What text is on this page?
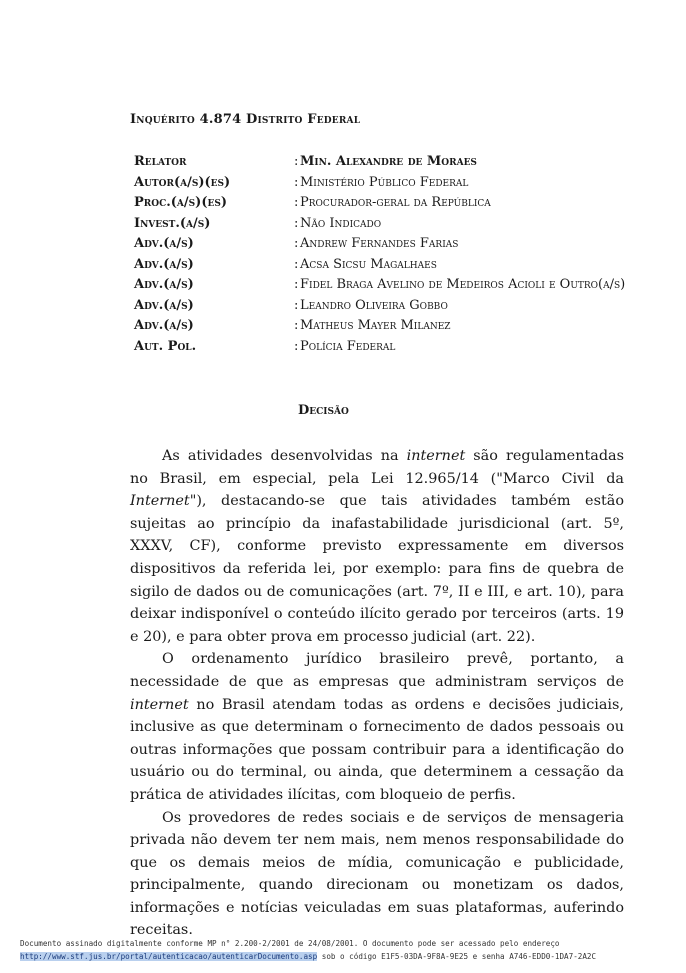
Inquérito 4.874 Distrito Federal
Relator	: Min. Alexandre de Moraes
Autor(a/s)(es)	: Ministério Público Federal
Proc.(a/s)(es)	: Procurador-geral da República
Invest.(a/s)	: Não Indicado
Adv.(a/s)	: Andrew Fernandes Farias
Adv.(a/s)	: Acsa Sicsu Magalhaes
Adv.(a/s)	: Fidel Braga Avelino de Medeiros Acioli e Outro(a/s)
Adv.(a/s)	: Leandro Oliveira Gobbo
Adv.(a/s)	: Matheus Mayer Milanez
Aut. Pol.	: Polícia Federal
Decisão

As atividades desenvolvidas na internet são regulamentadas no Brasil, em especial, pela Lei 12.965/14 ("Marco Civil da Internet"), destacando-se que tais atividades também estão sujeitas ao princípio da inafastabilidade jurisdicional (art. 5º, XXXV, CF), conforme previsto expressamente em diversos dispositivos da referida lei, por exemplo: para fins de quebra de sigilo de dados ou de comunicações (art. 7º, II e III, e art. 10), para deixar indisponível o conteúdo ilícito gerado por terceiros (arts. 19 e 20), e para obter prova em processo judicial (art. 22).

O ordenamento jurídico brasileiro prevê, portanto, a necessidade de que as empresas que administram serviços de internet no Brasil atendam todas as ordens e decisões judiciais, inclusive as que determinam o fornecimento de dados pessoais ou outras informações que possam contribuir para a identificação do usuário ou do terminal, ou ainda, que determinem a cessação da prática de atividades ilícitas, com bloqueio de perfis.

Os provedores de redes sociais e de serviços de mensageria privada não devem ter nem mais, nem menos responsabilidade do que os demais meios de mídia, comunicação e publicidade, principalmente, quando direcionam ou monetizam os dados, informações e notícias veiculadas em suas plataformas, auferindo receitas.

Documento assinado digitalmente conforme MP n° 2.200-2/2001 de 24/08/2001. O documento pode ser acessado pelo endereço
http://www.stf.jus.br/portal/autenticacao/autenticarDocumento.asp sob o código E1F5-03DA-9F8A-9E25 e senha A746-EDD0-1DA7-2A2C
